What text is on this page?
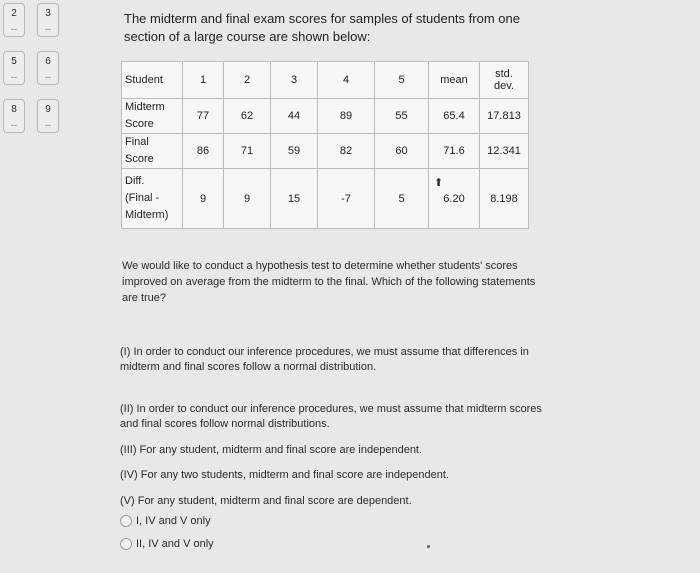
2
--
3
--
5
--
6
--
8
--
9
--
The midterm and final exam scores for samples of students from one section of a large course are shown below:
Student	1	2	3	4	5	mean	std. dev.
Midterm
Score	77	62	44	89	55	65.4	17.813
Final
Score	86	71	59	82	60	71.6	12.341
Diff.
(Final -
Midterm)	9	9	15	-7	5	6.20	8.198
⬆
We would like to conduct a hypothesis test to determine whether students' scores improved on average from the midterm to the final. Which of the following statements are true?
(I) In order to conduct our inference procedures, we must assume that differences in midterm and final scores follow a normal distribution.
(II) In order to conduct our inference procedures, we must assume that midterm scores and final scores follow normal distributions.
(III) For any student, midterm and final score are independent.
(IV) For any two students, midterm and final score are independent.
(V) For any student, midterm and final score are dependent.
I, IV and V only
II, IV and V only
